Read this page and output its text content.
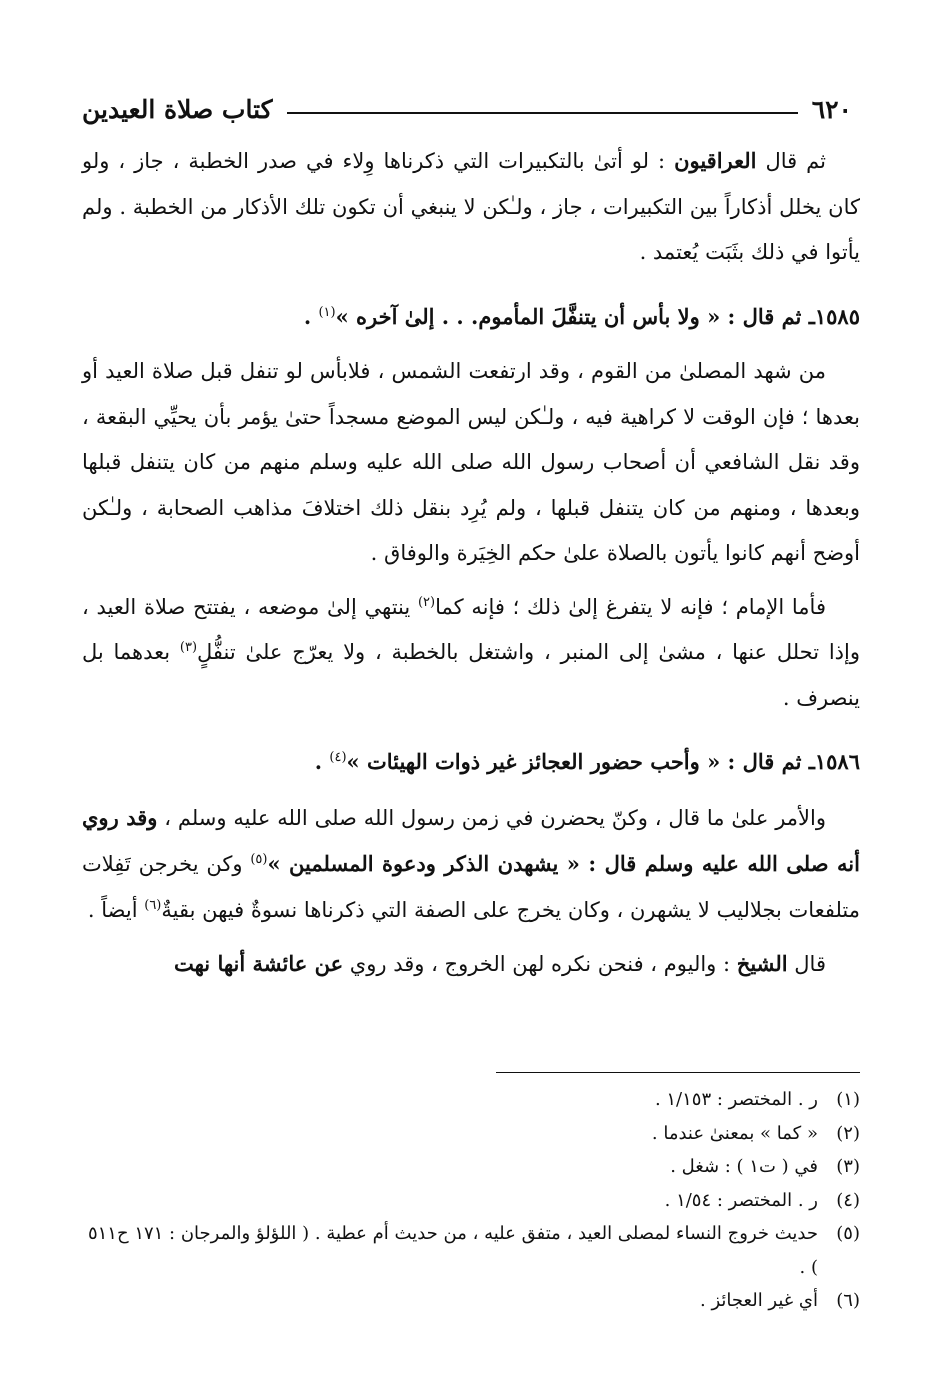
٦٢٠
كتاب صلاة العيدين

ثم قال العراقيون : لو أتىٰ بالتكبيرات التي ذكرناها وِلاء في صدر الخطبة ، جاز ، ولو كان يخلل أذكاراً بين التكبيرات ، جاز ، ولـٰكن لا ينبغي أن تكون تلك الأذكار من الخطبة . ولم يأتوا في ذلك بثَبَت يُعتمد .

١٥٨٥ـ ثم قال : « ولا بأس أن يتنفَّلَ المأموم. . . إلىٰ آخره »$^{(١)}$ .

من شهد المصلىٰ من القوم ، وقد ارتفعت الشمس ، فلابأس لو تنفل قبل صلاة العيد أو بعدها ؛ فإن الوقت لا كراهية فيه ، ولـٰكن ليس الموضع مسجداً حتىٰ يؤمر بأن يحيِّي البقعة ، وقد نقل الشافعي أن أصحاب رسول الله صلى الله عليه وسلم منهم من كان يتنفل قبلها وبعدها ، ومنهم من كان يتنفل قبلها ، ولم يُرِد بنقل ذلك اختلافَ مذاهب الصحابة ، ولـٰكن أوضح أنهم كانوا يأتون بالصلاة علىٰ حكم الخِيَرة والوفاق .

فأما الإمام ؛ فإنه لا يتفرغ إلىٰ ذلك ؛ فإنه كما$^{(٢)}$ ينتهي إلىٰ موضعه ، يفتتح صلاة العيد ، وإذا تحلل عنها ، مشىٰ إلى المنبر ، واشتغل بالخطبة ، ولا يعرّج علىٰ تنفُّلٍ$^{(٣)}$ بعدهما بل ينصرف .

١٥٨٦ـ ثم قال : « وأحب حضور العجائز غير ذوات الهيئات »$^{(٤)}$ .

والأمر علىٰ ما قال ، وكنّ يحضرن في زمن رسول الله صلى الله عليه وسلم ، وقد روي أنه صلى الله عليه وسلم قال : « يشهدن الذكر ودعوة المسلمين »$^{(٥)}$ وكن يخرجن تَفِلات متلفعات بجلاليب لا يشهرن ، وكان يخرج على الصفة التي ذكرناها نسوةٌ فيهن بقيةٌ$^{(٦)}$ أيضاً .

قال الشيخ : واليوم ، فنحن نكره لهن الخروج ، وقد روي عن عائشة أنها نهت

(١)
ر . المختصر : ١/١٥٣ .
(٢)
« كما » بمعنىٰ عندما .
(٣)
في ( ت١ ) : شغل .
(٤)
ر . المختصر : ١/٥٤ .
(٥)
حديث خروج النساء لمصلى العيد ، متفق عليه ، من حديث أم عطية . ( اللؤلؤ والمرجان : ١٧١ ح٥١١ ) .
(٦)
أي غير العجائز .
